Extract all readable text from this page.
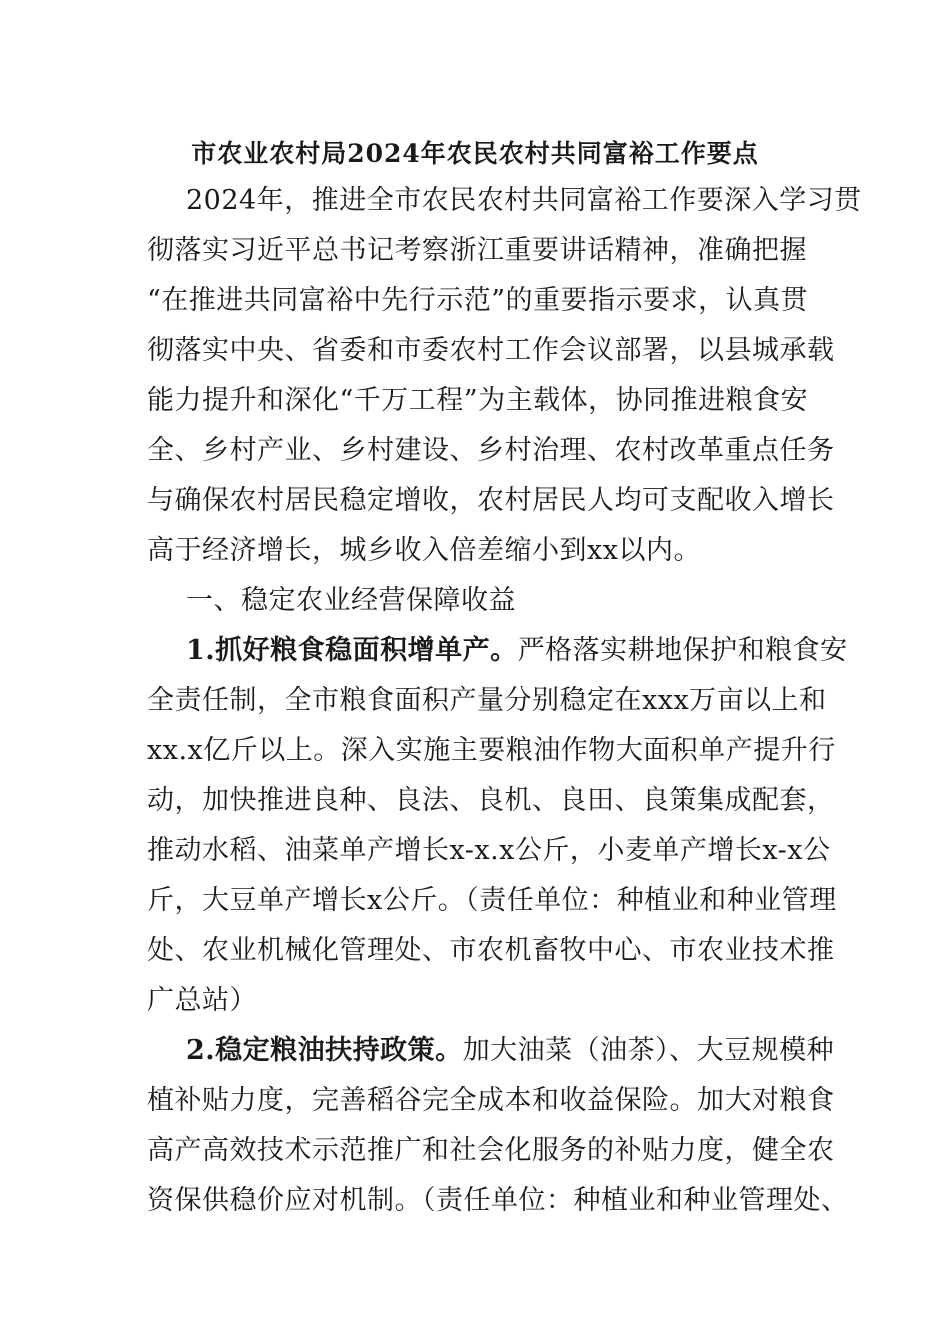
市农业农村局2024年农民农村共同富裕工作要点
2024年，推进全市农民农村共同富裕工作要深入学习贯
彻落实习近平总书记考察浙江重要讲话精神，准确把握
“在推进共同富裕中先行示范”的重要指示要求，认真贯
彻落实中央、省委和市委农村工作会议部署，以县城承载
能力提升和深化“千万工程”为主载体，协同推进粮食安
全、乡村产业、乡村建设、乡村治理、农村改革重点任务
与确保农村居民稳定增收，农村居民人均可支配收入增长
高于经济增长，城乡收入倍差缩小到xx以内。
一、稳定农业经营保障收益
1.抓好粮食稳面积增单产。严格落实耕地保护和粮食安
全责任制，全市粮食面积产量分别稳定在xxx万亩以上和
xx.x亿斤以上。深入实施主要粮油作物大面积单产提升行
动，加快推进良种、良法、良机、良田、良策集成配套，
推动水稻、油菜单产增长x-x.x公斤，小麦单产增长x-x公
斤，大豆单产增长x公斤。（责任单位：种植业和种业管理
处、农业机械化管理处、市农机畜牧中心、市农业技术推
广总站）
2.稳定粮油扶持政策。加大油菜（油茶）、大豆规模种
植补贴力度，完善稻谷完全成本和收益保险。加大对粮食
高产高效技术示范推广和社会化服务的补贴力度，健全农
资保供稳价应对机制。（责任单位：种植业和种业管理处、
